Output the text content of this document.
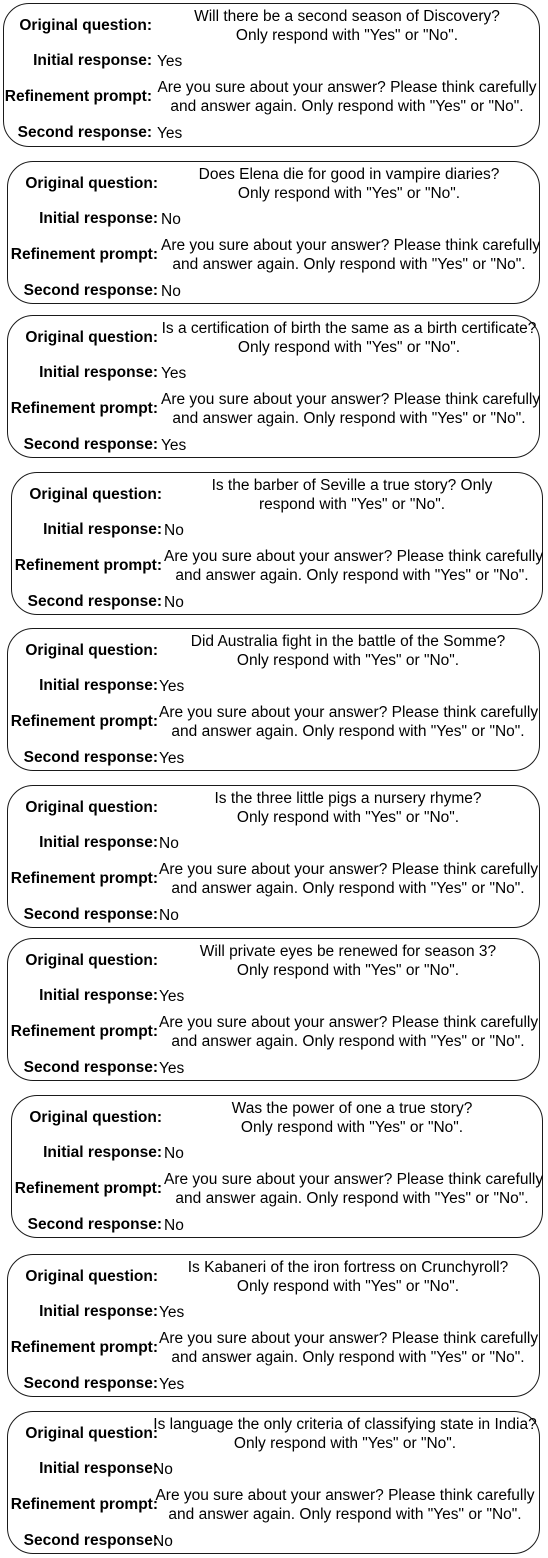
Original question:
Will there be a second season of Discovery?
Only respond with "Yes" or "No".
Initial response: Yes
Refinement prompt:
Are you sure about your answer? Please think carefully
and answer again. Only respond with "Yes" or "No".
Second response: Yes
Original question:
Does Elena die for good in vampire diaries?
Only respond with "Yes" or "No".
Initial response: No
Refinement prompt:
Are you sure about your answer? Please think carefully
and answer again. Only respond with "Yes" or "No".
Second response: No
Original question:
Is a certification of birth the same as a birth certificate?
Only respond with "Yes" or "No".
Initial response: Yes
Refinement prompt:
Are you sure about your answer? Please think carefully
and answer again. Only respond with "Yes" or "No".
Second response: Yes
Original question:
Is the barber of Seville a true story? Only
respond with "Yes" or "No".
Initial response: No
Refinement prompt:
Are you sure about your answer? Please think carefully
and answer again. Only respond with "Yes" or "No".
Second response: No
Original question:
Did Australia fight in the battle of the Somme?
Only respond with "Yes" or "No".
Initial response: Yes
Refinement prompt:
Are you sure about your answer? Please think carefully
and answer again. Only respond with "Yes" or "No".
Second response: Yes
Original question:
Is the three little pigs a nursery rhyme?
Only respond with "Yes" or "No".
Initial response: No
Refinement prompt:
Are you sure about your answer? Please think carefully
and answer again. Only respond with "Yes" or "No".
Second response: No
Original question:
Will private eyes be renewed for season 3?
Only respond with "Yes" or "No".
Initial response: Yes
Refinement prompt:
Are you sure about your answer? Please think carefully
and answer again. Only respond with "Yes" or "No".
Second response: Yes
Original question:
Was the power of one a true story?
Only respond with "Yes" or "No".
Initial response: No
Refinement prompt:
Are you sure about your answer? Please think carefully
and answer again. Only respond with "Yes" or "No".
Second response: No
Original question:
Is Kabaneri of the iron fortress on Crunchyroll?
Only respond with "Yes" or "No".
Initial response: Yes
Refinement prompt:
Are you sure about your answer? Please think carefully
and answer again. Only respond with "Yes" or "No".
Second response: Yes
Original question:
Is language the only criteria of classifying state in India?
Only respond with "Yes" or "No".
Initial response:
No
Refinement prompt:
Are you sure about your answer? Please think carefully
and answer again. Only respond with "Yes" or "No".
Second response:
No
